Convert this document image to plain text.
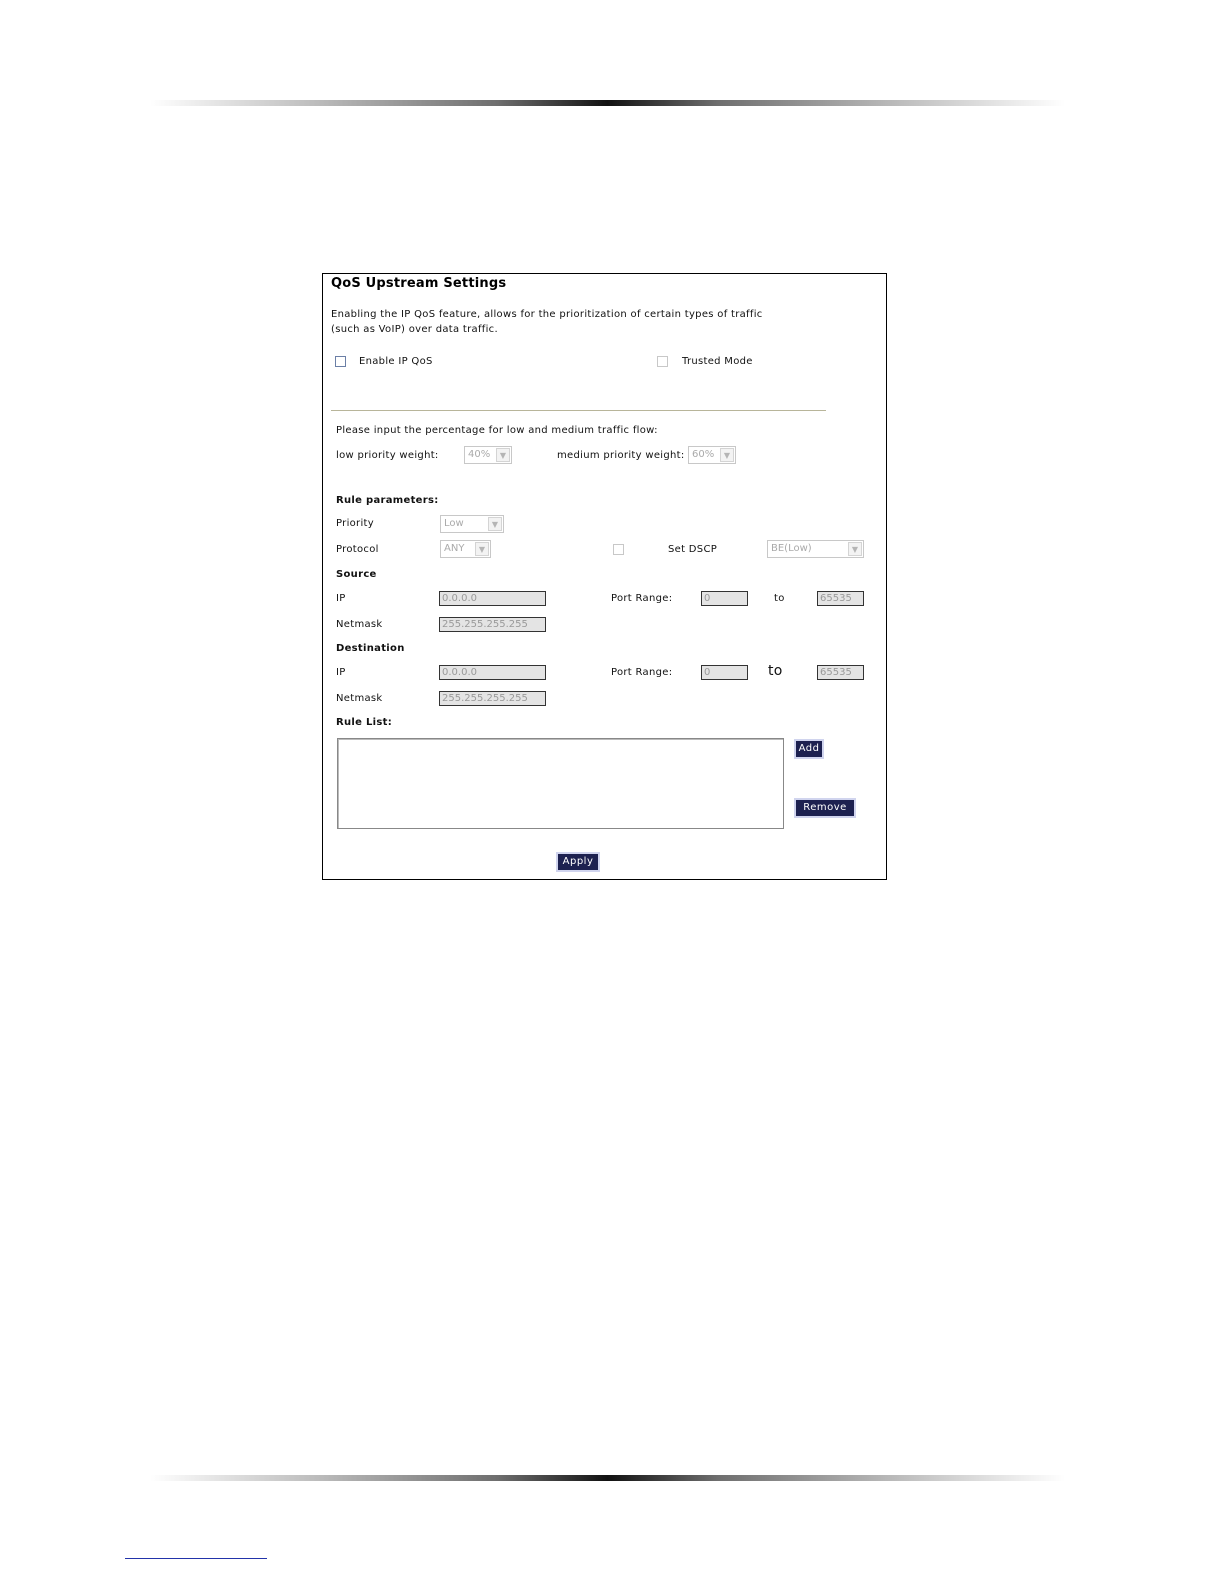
QoS Upstream Settings
Enabling the IP QoS feature, allows for the prioritization of certain types of traffic
(such as VoIP) over data traffic.
Enable IP QoS	Trusted Mode
Please input the percentage for low and medium traffic flow:
low priority weight:	40%	▼	medium priority weight: 60%	▼
Rule parameters:
Priority	Low	▼
Protocol	ANY	▼	Set DSCP	BE(Low)	▼
Source
IP	0.0.0.0	Port Range:	0	to	65535
Netmask	255.255.255.255
Destination
IP	0.0.0.0	Port Range:	0	to	65535
Netmask	255.255.255.255
Rule List:
Add
Remove
Apply
